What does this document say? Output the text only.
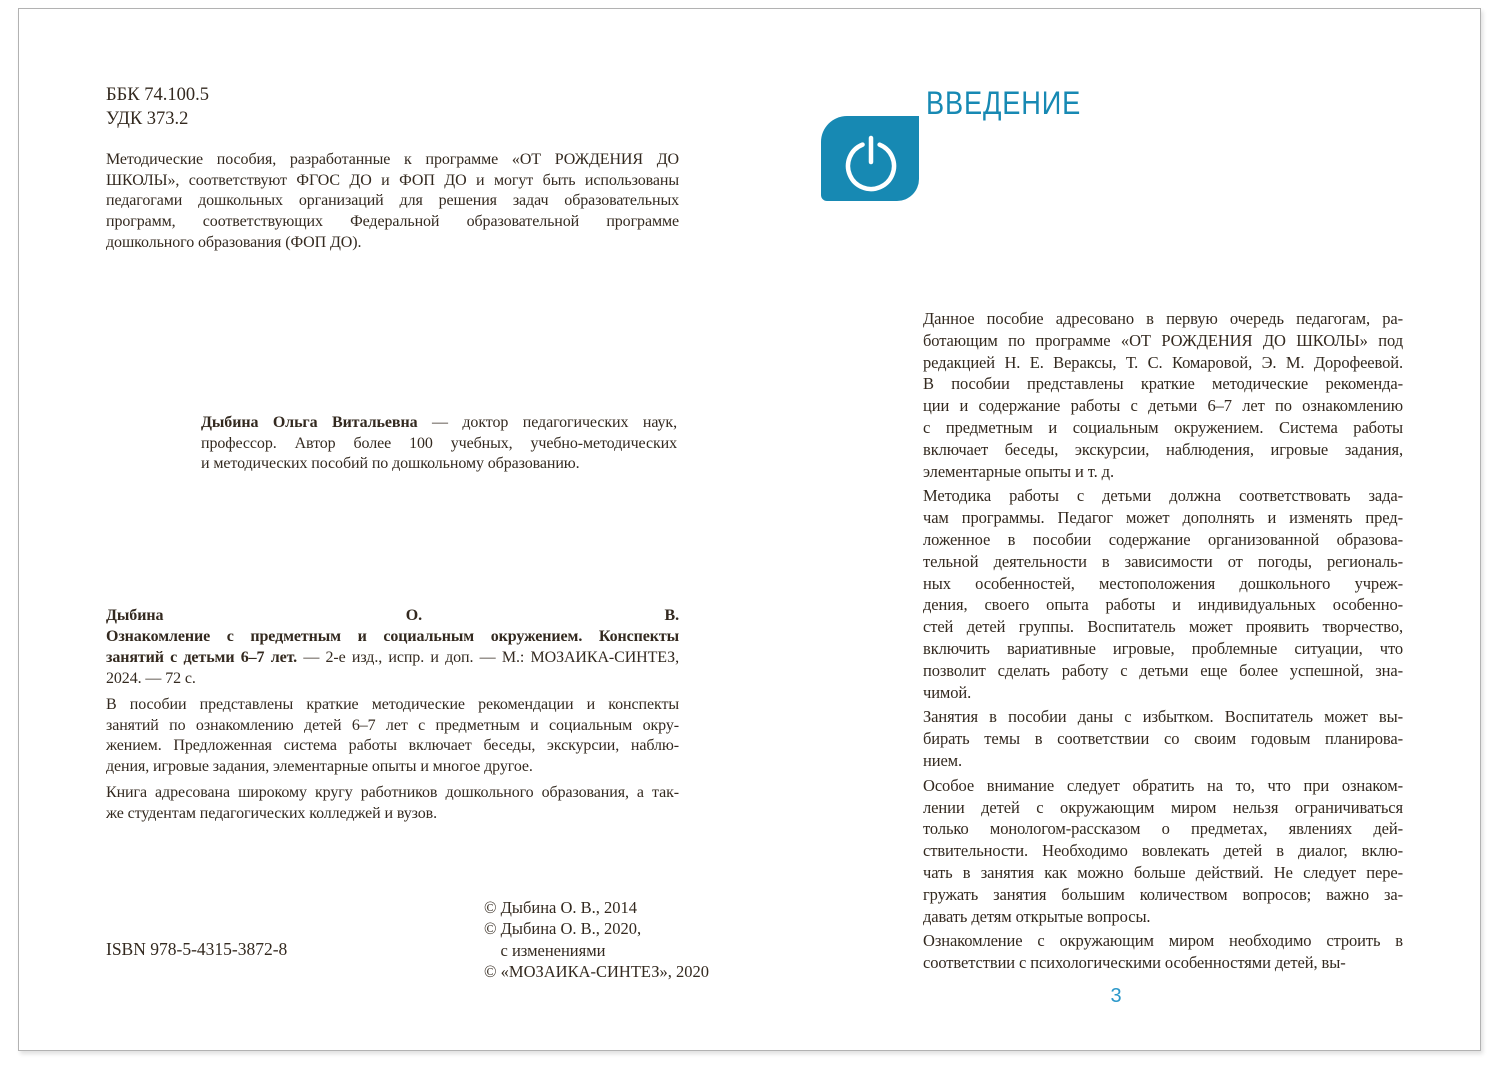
ББК 74.100.5
УДК 373.2
Методические пособия, разработанные к программе «ОТ РОЖДЕНИЯ ДО
ШКОЛЫ», соответствуют ФГОС ДО и ФОП ДО и могут быть использованы
педагогами дошкольных организаций для решения задач образовательных
программ, соответствующих Федеральной образовательной программе
дошкольного образования (ФОП ДО).
Дыбина Ольга Витальевна — доктор педагогических наук,
профессор. Автор более 100 учебных, учебно-методических
и методических пособий по дошкольному образованию.
Дыбина О. В.
Ознакомление с предметным и социальным окружением. Конспекты
занятий с детьми 6–7 лет. — 2-е изд., испр. и доп. — М.: МОЗАИКА-СИНТЕЗ,
2024. — 72 с.
В пособии представлены краткие методические рекомендации и конспекты
занятий по ознакомлению детей 6–7 лет с предметным и социальным окру-
жением. Предложенная система работы включает беседы, экскурсии, наблю-
дения, игровые задания, элементарные опыты и многое другое.
Книга адресована широкому кругу работников дошкольного образования, а так-
же студентам педагогических колледжей и вузов.
ISBN 978-5-4315-3872-8
© Дыбина О. В., 2014
© Дыбина О. В., 2020,
с изменениями
© «МОЗАИКА-СИНТЕЗ», 2020
ВВЕДЕНИЕ
Данное пособие адресовано в первую очередь педагогам, ра-
ботающим по программе «ОТ РОЖДЕНИЯ ДО ШКОЛЫ» под
редакцией Н. Е. Вераксы, Т. С. Комаровой, Э. М. Дорофеевой.
В пособии представлены краткие методические рекоменда-
ции и содержание работы с детьми 6–7 лет по ознакомлению
с предметным и социальным окружением. Система работы
включает беседы, экскурсии, наблюдения, игровые задания,
элементарные опыты и т. д.
Методика работы с детьми должна соответствовать зада-
чам программы. Педагог может дополнять и изменять пред-
ложенное в пособии содержание организованной образова-
тельной деятельности в зависимости от погоды, региональ-
ных особенностей, местоположения дошкольного учреж-
дения, своего опыта работы и индивидуальных особенно-
стей детей группы. Воспитатель может проявить творчество,
включить вариативные игровые, проблемные ситуации, что
позволит сделать работу с детьми еще более успешной, зна-
чимой.
Занятия в пособии даны с избытком. Воспитатель может вы-
бирать темы в соответствии со своим годовым планирова-
нием.
Особое внимание следует обратить на то, что при ознаком-
лении детей с окружающим миром нельзя ограничиваться
только монологом-рассказом о предметах, явлениях дей-
ствительности. Необходимо вовлекать детей в диалог, вклю-
чать в занятия как можно больше действий. Не следует пере-
гружать занятия большим количеством вопросов; важно за-
давать детям открытые вопросы.
Ознакомление с окружающим миром необходимо строить в
соответствии с психологическими особенностями детей, вы-
3
